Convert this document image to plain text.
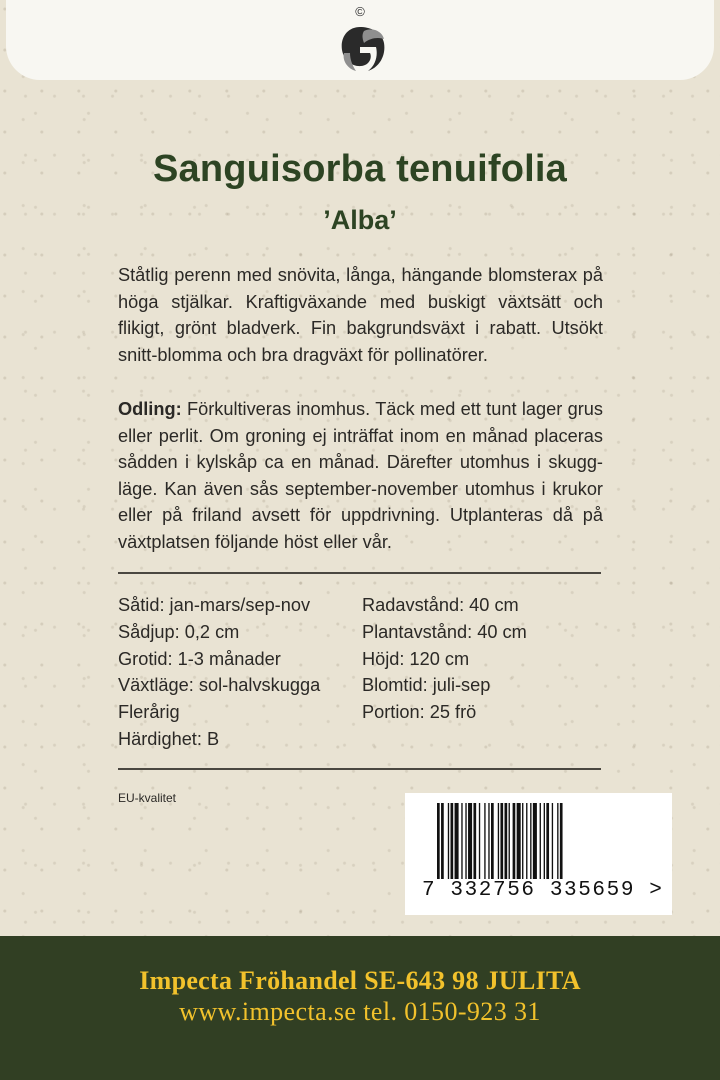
©
Sanguisorba tenuifolia
’Alba’
Ståtlig perenn med snövita, långa, hängande blomsterax på höga stjälkar. Kraftigväxande med buskigt växtsätt och flikigt, grönt bladverk. Fin bakgrundsväxt i rabatt. Utsökt snitt-blomma och bra dragväxt för pollinatörer.
Odling: Förkultiveras inomhus. Täck med ett tunt lager grus eller perlit. Om groning ej inträffat inom en månad placeras sådden i kylskåp ca en månad. Därefter utomhus i skugg-läge. Kan även sås september-november utomhus i krukor eller på friland avsett för uppdrivning. Utplanteras då på växtplatsen följande höst eller vår.
Såtid: jan-mars/sep-nov
Sådjup: 0,2 cm
Grotid: 1-3 månader
Växtläge: sol-halvskugga
Flerårig
Härdighet: B
Radavstånd: 40 cm
Plantavstånd: 40 cm
Höjd: 120 cm
Blomtid: juli-sep
Portion: 25 frö
EU-kvalitet
7 332756 335659 >
Impecta Fröhandel SE-643 98 JULITA
www.impecta.se tel. 0150-923 31
